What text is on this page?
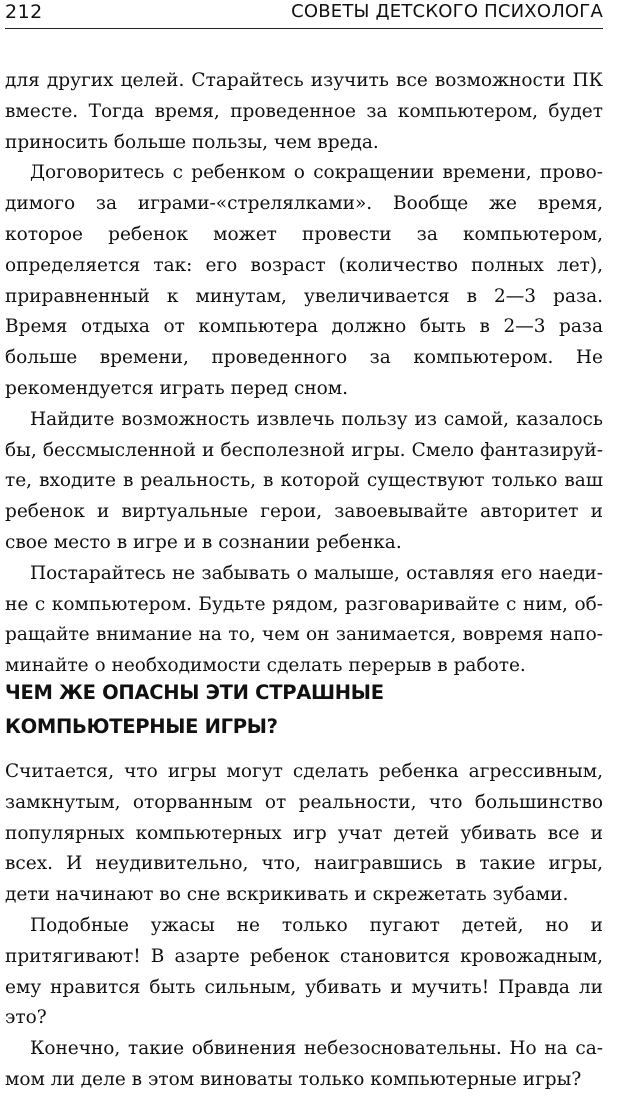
212	СОВЕТЫ ДЕТСКОГО ПСИХОЛОГА

для других целей. Старайтесь изучить все возможности ПК вместе. Тогда время, проведенное за компьютером, будет приносить больше пользы, чем вреда.

Договоритесь с ребенком о сокращении времени, проводимого за играми-«стрелялками». Вообще же время, которое ребенок может провести за компьютером, определяется так: его возраст (количество полных лет), приравненный к минутам, увеличивается в 2—3 раза. Время отдыха от компьютера должно быть в 2—3 раза больше времени, проведенного за компьютером. Не рекомендуется играть перед сном.

Найдите возможность извлечь пользу из самой, казалось бы, бессмысленной и бесполезной игры. Смело фантазируйте, входите в реальность, в которой существуют только ваш ребенок и виртуальные герои, завоевывайте авторитет и свое место в игре и в сознании ребенка.

Постарайтесь не забывать о малыше, оставляя его наедине с компьютером. Будьте рядом, разговаривайте с ним, обращайте внимание на то, чем он занимается, вовремя напоминайте о необходимости сделать перерыв в работе.

ЧЕМ ЖЕ ОПАСНЫ ЭТИ СТРАШНЫЕ
КОМПЬЮТЕРНЫЕ ИГРЫ?

Считается, что игры могут сделать ребенка агрессивным, замкнутым, оторванным от реальности, что большинство популярных компьютерных игр учат детей убивать все и всех. И неудивительно, что, наигравшись в такие игры, дети начинают во сне вскрикивать и скрежетать зубами.

Подобные ужасы не только пугают детей, но и притягивают! В азарте ребенок становится кровожадным, ему нравится быть сильным, убивать и мучить! Правда ли это?

Конечно, такие обвинения небезосновательны. Но на самом ли деле в этом виноваты только компьютерные игры?
